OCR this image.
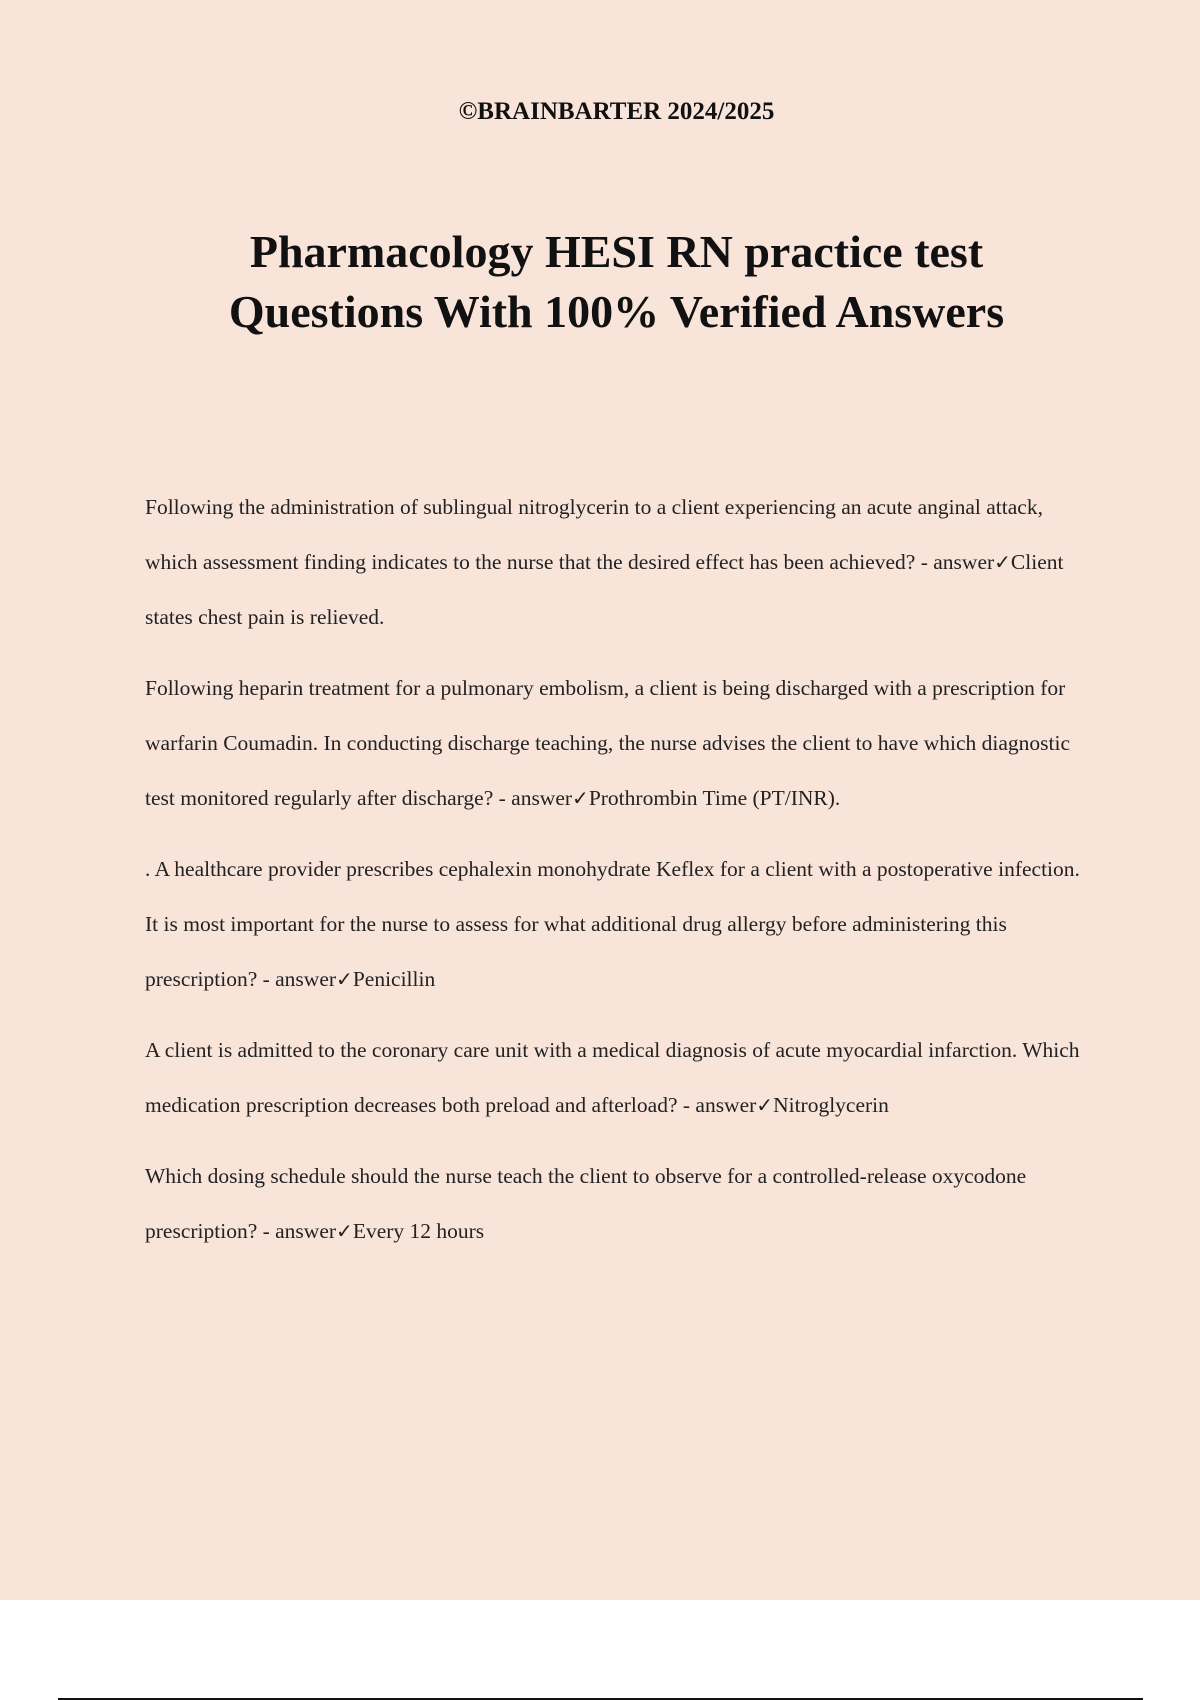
©BRAINBARTER 2024/2025
Pharmacology HESI RN practice test
Questions With 100% Verified Answers

Following the administration of sublingual nitroglycerin to a client experiencing an acute anginal attack, which assessment finding indicates to the nurse that the desired effect has been achieved? - answer✓Client states chest pain is relieved.

Following heparin treatment for a pulmonary embolism, a client is being discharged with a prescription for warfarin Coumadin. In conducting discharge teaching, the nurse advises the client to have which diagnostic test monitored regularly after discharge? - answer✓Prothrombin Time (PT/INR).

. A healthcare provider prescribes cephalexin monohydrate Keflex for a client with a postoperative infection. It is most important for the nurse to assess for what additional drug allergy before administering this prescription? - answer✓Penicillin

A client is admitted to the coronary care unit with a medical diagnosis of acute myocardial infarction. Which medication prescription decreases both preload and afterload? - answer✓Nitroglycerin

Which dosing schedule should the nurse teach the client to observe for a controlled-release oxycodone prescription? - answer✓Every 12 hours
